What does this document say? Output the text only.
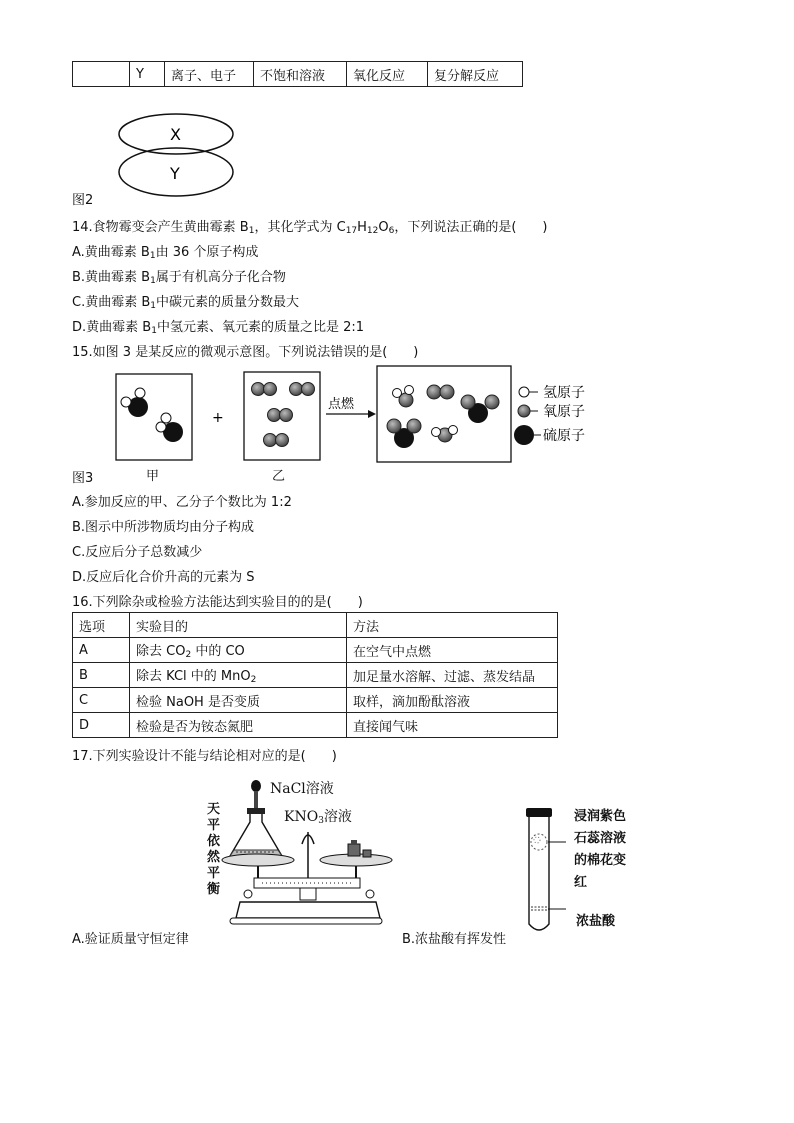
	Y	离子、电子	不饱和溶液	氧化反应	复分解反应
X
Y
图2
14.食物霉变会产生黄曲霉素 $B_1$，其化学式为 $C_{17}H_{12}O_6$，下列说法正确的是(　　)
A.黄曲霉素 $B_1$由 36 个原子构成
B.黄曲霉素 $B_1$属于有机高分子化合物
C.黄曲霉素 $B_1$中碳元素的质量分数最大
D.黄曲霉素 $B_1$中氢元素、氧元素的质量之比是 2:1
15.如图 3 是某反应的微观示意图。下列说法错误的是(　　)
+
点燃
氢原子
氧原子
硫原子
图3	甲	乙
A.参加反应的甲、乙分子个数比为 1:2
B.图示中所涉物质均由分子构成
C.反应后分子总数减少
D.反应后化合价升高的元素为 S
16.下列除杂或检验方法能达到实验目的的是(　　)
选项	实验目的	方法
A	除去 $CO_2$ 中的 CO	在空气中点燃
B	除去 KCl 中的 MnO$_2$	加足量水溶解、过滤、蒸发结晶
C	检验 NaOH 是否变质	取样，滴加酚酞溶液
D	检验是否为铵态氮肥	直接闻气味
17.下列实验设计不能与结论相对应的是(　　)
NaCl溶液
$KNO_3$溶液
天
平
依
然
平
衡
浸润紫色
石蕊溶液
的棉花变
红
浓盐酸
A.验证质量守恒定律	B.浓盐酸有挥发性
